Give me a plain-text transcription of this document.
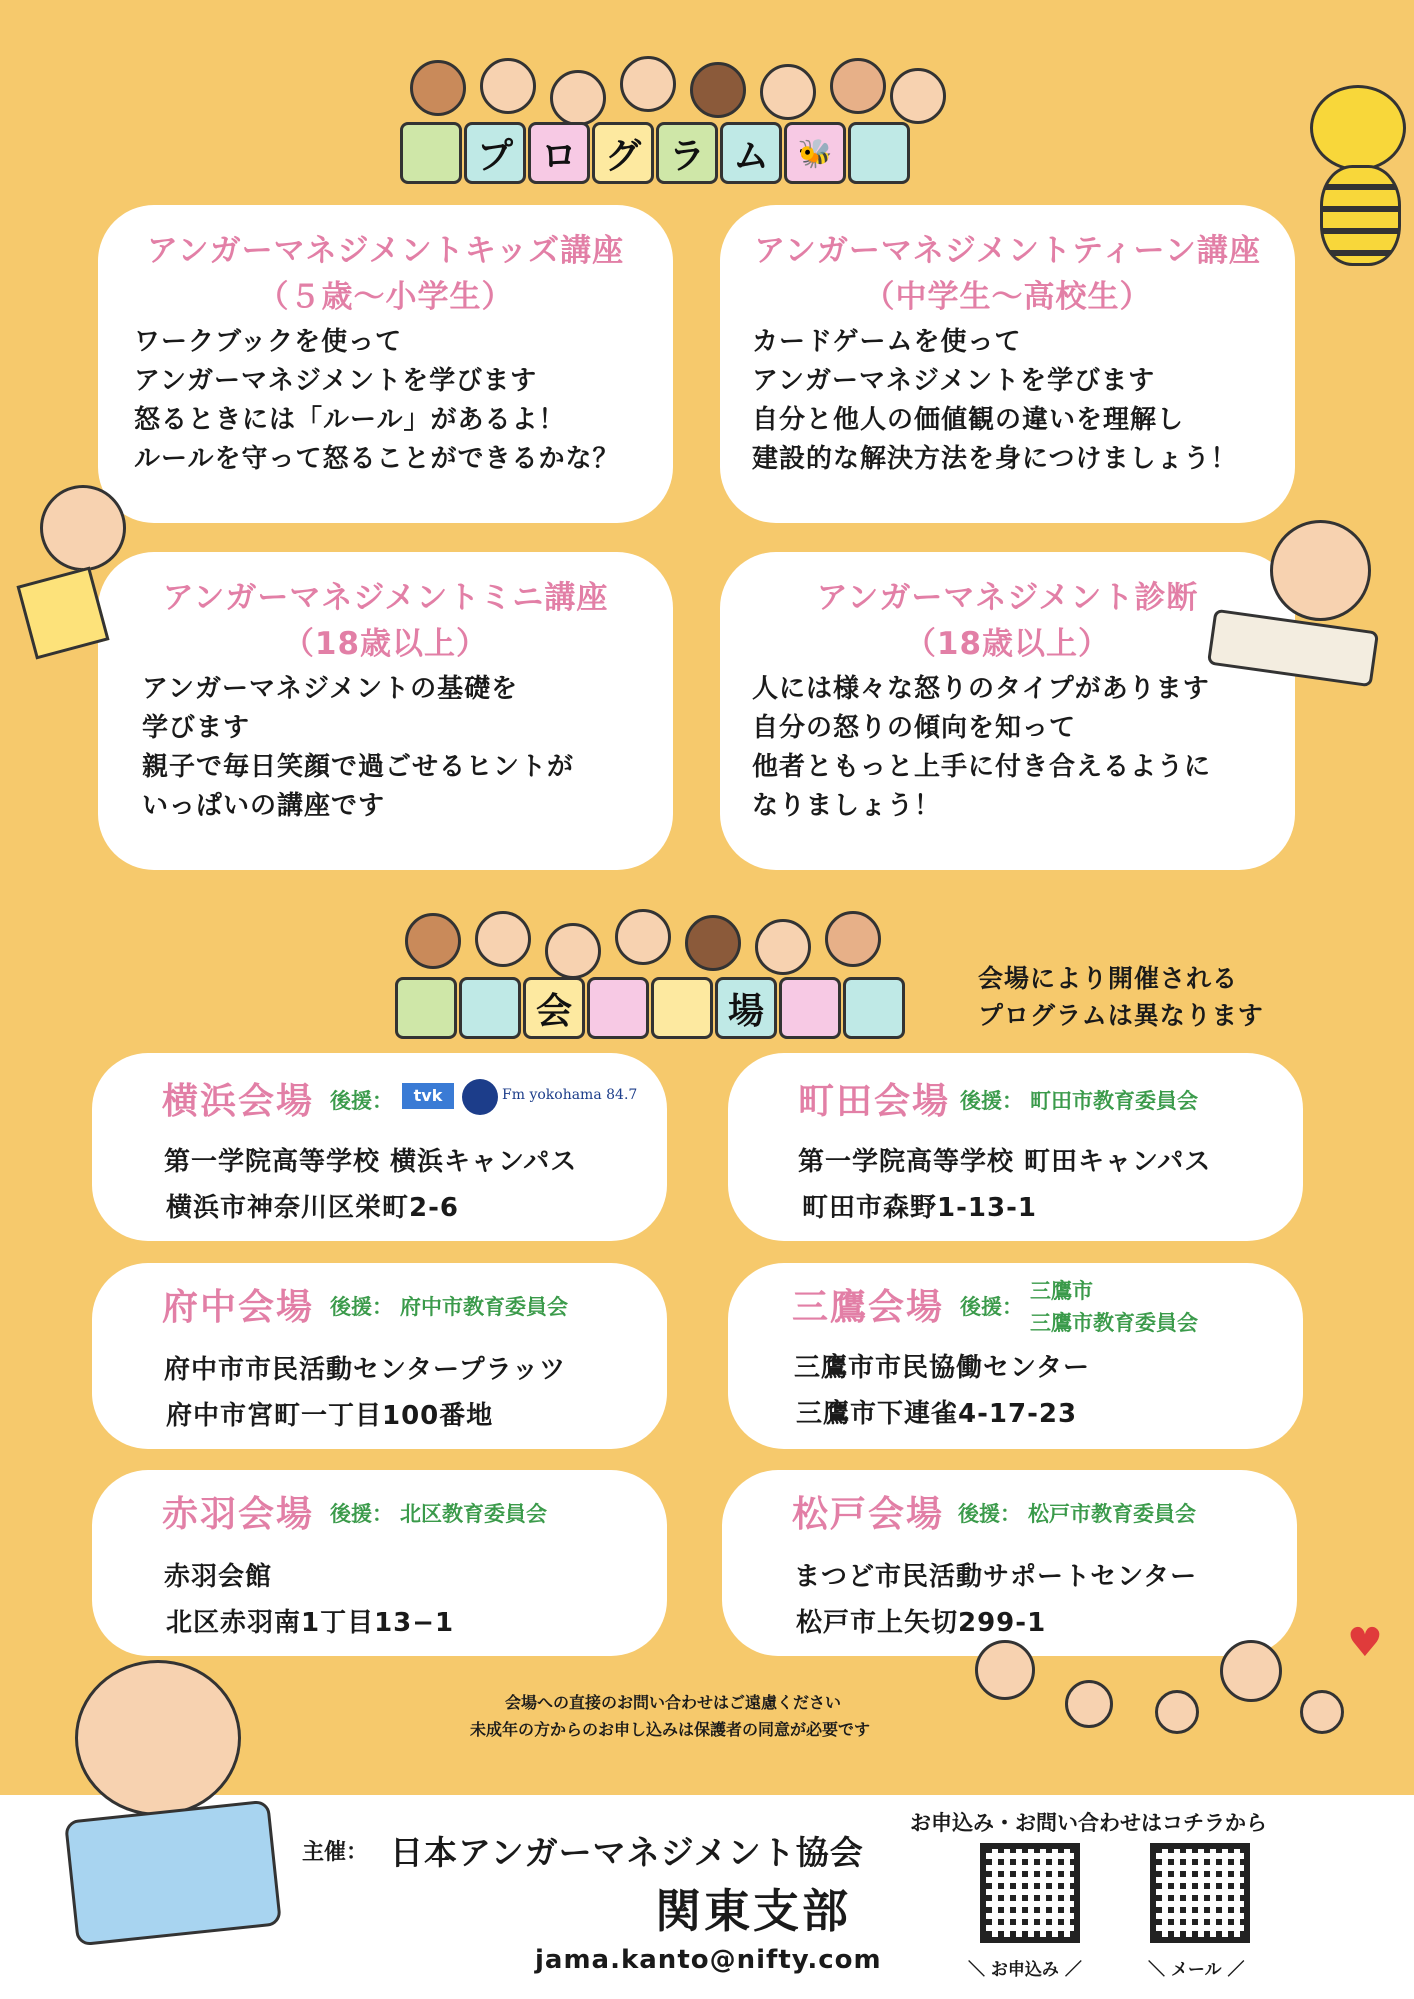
プ ロ グ ラ ム 🐝
アンガーマネジメントキッズ講座
（５歳〜小学生）
ワークブックを使って
アンガーマネジメントを学びます
怒るときには「ルール」があるよ！
ルールを守って怒ることができるかな？
アンガーマネジメントティーン講座
（中学生〜高校生）
カードゲームを使って
アンガーマネジメントを学びます
自分と他人の価値観の違いを理解し
建設的な解決方法を身につけましょう！
アンガーマネジメントミニ講座
（18歳以上）
アンガーマネジメントの基礎を
学びます
親子で毎日笑顔で過ごせるヒントが
いっぱいの講座です
アンガーマネジメント診断
（18歳以上）
人には様々な怒りのタイプがあります
自分の怒りの傾向を知って
他者ともっと上手に付き合えるように
なりましょう！
会	場
会場により開催される
プログラムは異なります
横浜会場 後援：	tvk	Fm yokohama 84.7
第一学院高等学校 横浜キャンパス
横浜市神奈川区栄町2-6
町田会場 後援： 町田市教育委員会
第一学院高等学校 町田キャンパス
町田市森野1-13-1
府中会場 後援： 府中市教育委員会
府中市市民活動センタープラッツ
府中市宮町一丁目100番地
三鷹会場 後援：
三鷹市
三鷹市教育委員会
三鷹市市民協働センター
三鷹市下連雀4-17-23
赤羽会場 後援： 北区教育委員会
赤羽会館
北区赤羽南1丁目13−1
松戸会場 後援： 松戸市教育委員会
まつど市民活動サポートセンター
松戸市上矢切299-1
会場への直接のお問い合わせはご遠慮ください
未成年の方からのお申し込みは保護者の同意が必要です
♥
主催： 日本アンガーマネジメント協会
関東支部
jama.kanto@nifty.com
お申込み・お問い合わせはコチラから
＼ お申込み ／	＼ メール ／
